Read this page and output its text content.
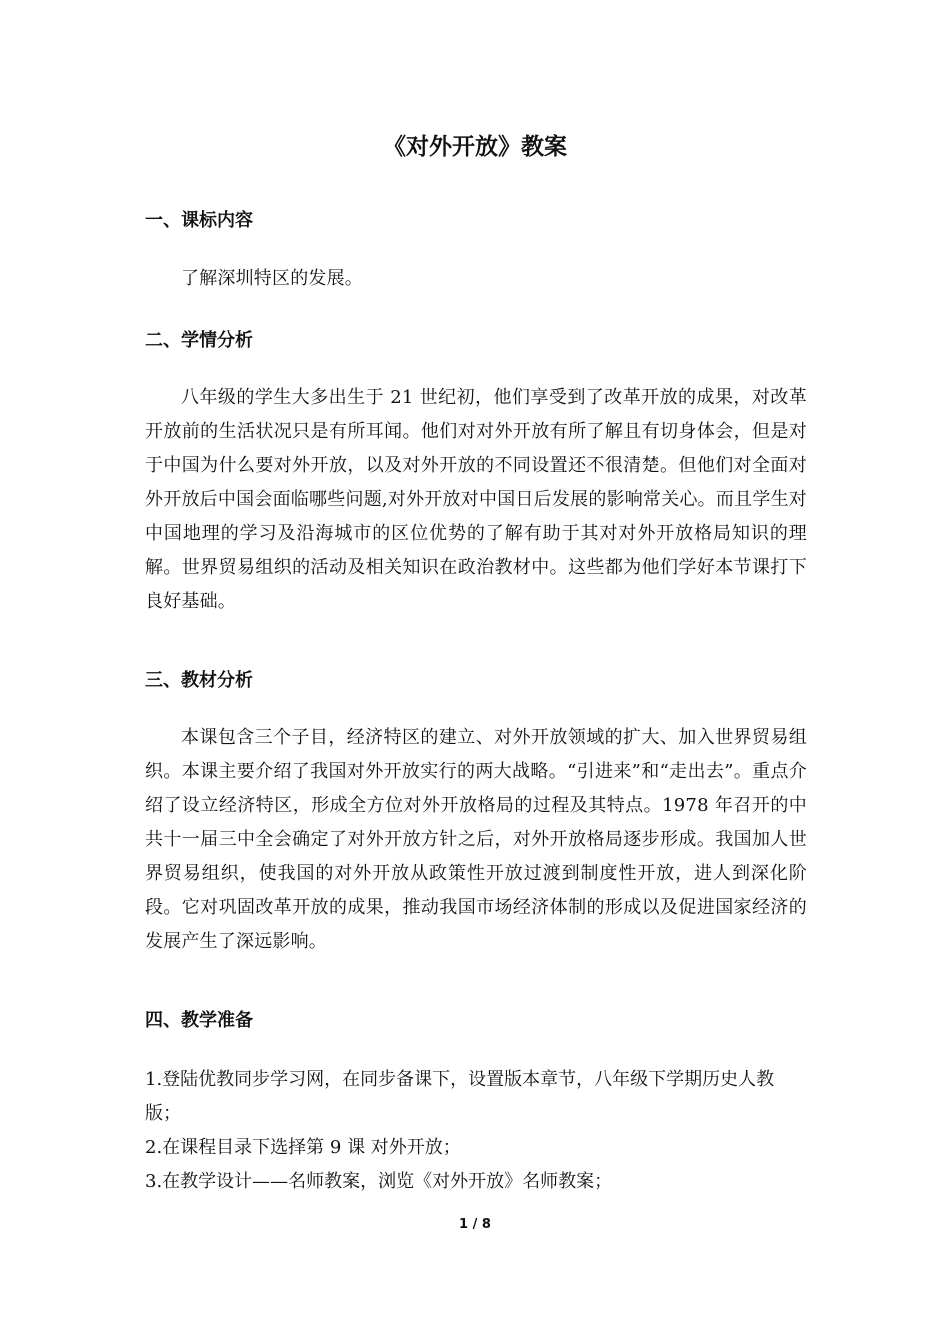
《对外开放》教案
一、课标内容

了解深圳特区的发展。

二、学情分析

八年级的学生大多出生于 21 世纪初，他们享受到了改革开放的成果，对改革开放前的生活状况只是有所耳闻。他们对对外开放有所了解且有切身体会，但是对于中国为什么要对外开放，以及对外开放的不同设置还不很清楚。但他们对全面对外开放后中国会面临哪些问题,对外开放对中国日后发展的影响常关心。而且学生对中国地理的学习及沿海城市的区位优势的了解有助于其对对外开放格局知识的理解。世界贸易组织的活动及相关知识在政治教材中。这些都为他们学好本节课打下良好基础。

三、教材分析

本课包含三个子目，经济特区的建立、对外开放领域的扩大、加入世界贸易组织。本课主要介绍了我国对外开放实行的两大战略。“引进来”和“走出去”。重点介绍了设立经济特区，形成全方位对外开放格局的过程及其特点。1978 年召开的中共十一届三中全会确定了对外开放方针之后，对外开放格局逐步形成。我国加人世界贸易组织，使我国的对外开放从政策性开放过渡到制度性开放，进人到深化阶段。它对巩固改革开放的成果，推动我国市场经济体制的形成以及促进国家经济的发展产生了深远影响。

四、教学准备
1.登陆优教同步学习网，在同步备课下，设置版本章节，八年级下学期历史人教版；
2.在课程目录下选择第 9 课 对外开放；
3.在教学设计——名师教案，浏览《对外开放》名师教案；
1 / 8
